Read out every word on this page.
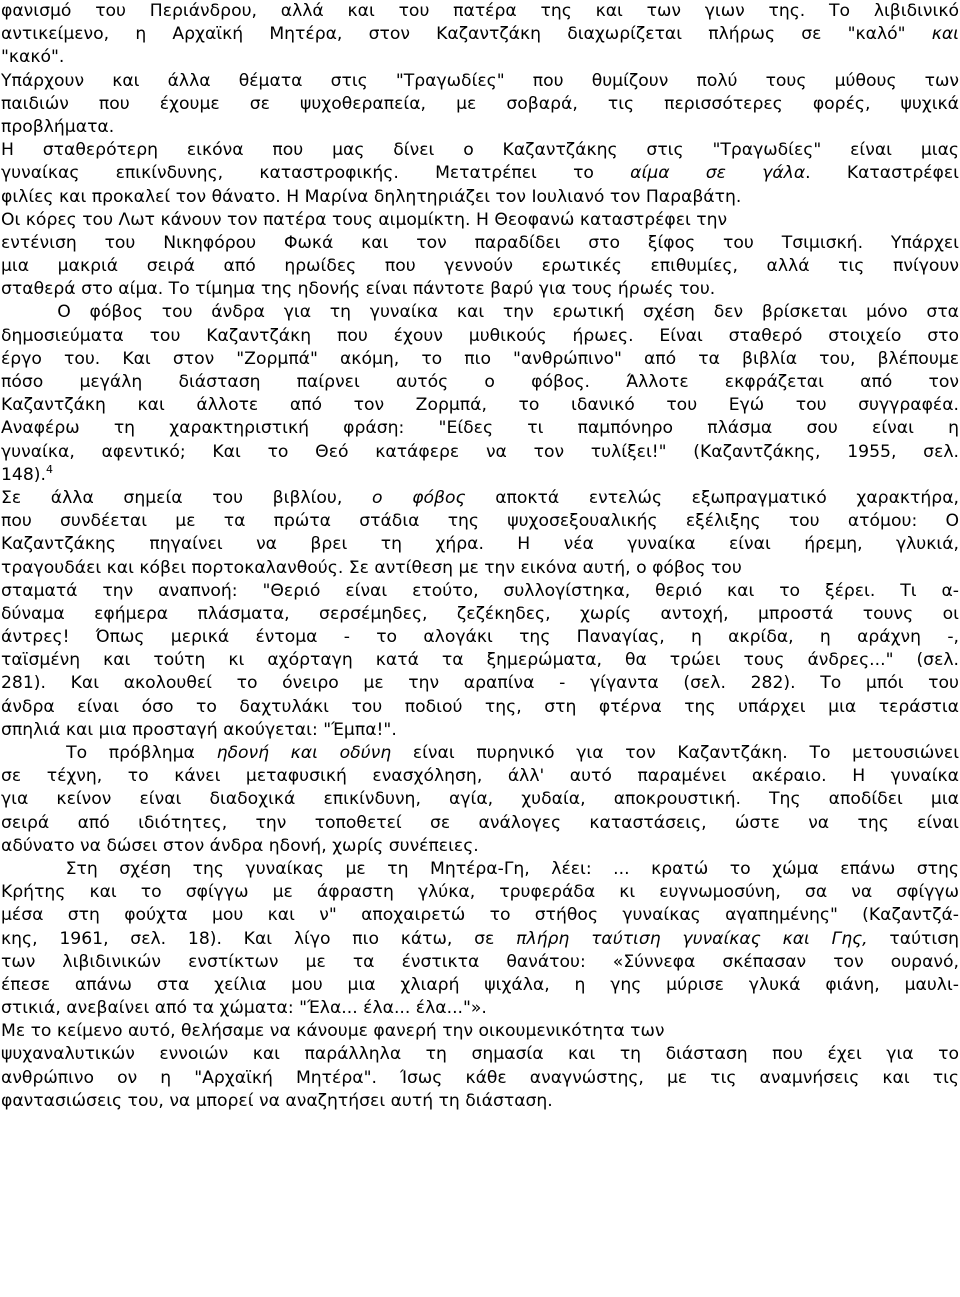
φανισμό του Περιάνδρου, αλλά και του πατέρα της και των γιων της. Το λιβιδινικό
αντικείμενο, η Αρχαϊκή Μητέρα, στον Καζαντζάκη διαχωρίζεται πλήρως σε "καλό" και
"κακό".
Υπάρχουν και άλλα θέματα στις "Τραγωδίες" που θυμίζουν πολύ τους μύθους των
παιδιών που έχουμε σε ψυχοθεραπεία, με σοβαρά, τις περισσότερες φορές, ψυχικά
προβλήματα.
Η σταθερότερη εικόνα που μας δίνει ο Καζαντζάκης στις "Τραγωδίες" είναι μιας
γυναίκας επικίνδυνης, καταστροφικής. Μετατρέπει το αίμα σε γάλα. Καταστρέφει
φιλίες και προκαλεί τον θάνατο. Η Μαρίνα δηλητηριάζει τον Ιουλιανό τον Παραβάτη.
Οι κόρες του Λωτ κάνουν τον πατέρα τους αιμομίκτη. Η Θεοφανώ καταστρέφει την
εντένιση του Νικηφόρου Φωκά και τον παραδίδει στο ξίφος του Τσιμισκή. Υπάρχει
μια μακριά σειρά από ηρωίδες που γεννούν ερωτικές επιθυμίες, αλλά τις πνίγουν
σταθερά στο αίμα. Το τίμημα της ηδονής είναι πάντοτε βαρύ για τους ήρωές του.
Ο φόβος του άνδρα για τη γυναίκα και την ερωτική σχέση δεν βρίσκεται μόνο στα
δημοσιεύματα του Καζαντζάκη που έχουν μυθικούς ήρωες. Είναι σταθερό στοιχείο στο
έργο του. Και στον "Ζορμπά" ακόμη, το πιο "ανθρώπινο" από τα βιβλία του, βλέπουμε
πόσο μεγάλη διάσταση παίρνει αυτός ο φόβος. Άλλοτε εκφράζεται από τον
Καζαντζάκη και άλλοτε από τον Ζορμπά, το ιδανικό του Εγώ του συγγραφέα.
Αναφέρω τη χαρακτηριστική φράση: "Είδες τι παμπόνηρο πλάσμα σου είναι η
γυναίκα, αφεντικό; Και το Θεό κατάφερε να τον τυλίξει!" (Καζαντζάκης, 1955, σελ.
148).$^4$
Σε άλλα σημεία του βιβλίου, ο φόβος αποκτά εντελώς εξωπραγματικό χαρακτήρα,
που συνδέεται με τα πρώτα στάδια της ψυχοσεξουαλικής εξέλιξης του ατόμου: Ο
Καζαντζάκης πηγαίνει να βρει τη χήρα. Η νέα γυναίκα είναι ήρεμη, γλυκιά,
τραγουδάει και κόβει πορτοκαλανθούς. Σε αντίθεση με την εικόνα αυτή, ο φόβος του
σταματά την αναπνοή: "Θεριό είναι ετούτο, συλλογίστηκα, θεριό και το ξέρει. Τι α-
δύναμα εφήμερα πλάσματα, σερσέμηδες, ζεζέκηδες, χωρίς αντοχή, μπροστά τουνς οι
άντρες! Όπως μερικά έντομα - το αλογάκι της Παναγίας, η ακρίδα, η αράχνη -,
ταϊσμένη και τούτη κι αχόρταγη κατά τα ξημερώματα, θα τρώει τους άνδρες..." (σελ.
281). Και ακολουθεί το όνειρο με την αραπίνα - γίγαντα (σελ. 282). Το μπόι του
άνδρα είναι όσο το δαχτυλάκι του ποδιού της, στη φτέρνα της υπάρχει μια τεράστια
σπηλιά και μια προσταγή ακούγεται: "Έμπα!".
Το πρόβλημα ηδονή και οδύνη είναι πυρηνικό για τον Καζαντζάκη. Το μετουσιώνει
σε τέχνη, το κάνει μεταφυσική ενασχόληση, άλλ' αυτό παραμένει ακέραιο. Η γυναίκα
για κείνον είναι διαδοχικά επικίνδυνη, αγία, χυδαία, αποκρουστική. Της αποδίδει μια
σειρά από ιδιότητες, την τοποθετεί σε ανάλογες καταστάσεις, ώστε να της είναι
αδύνατο να δώσει στον άνδρα ηδονή, χωρίς συνέπειες.
Στη σχέση της γυναίκας με τη Μητέρα-Γη, λέει: ... κρατώ το χώμα επάνω στης
Κρήτης και το σφίγγω με άφραστη γλύκα, τρυφεράδα κι ευγνωμοσύνη, σα να σφίγγω
μέσα στη φούχτα μου και ν" αποχαιρετώ το στήθος γυναίκας αγαπημένης" (Καζαντζά-
κης, 1961, σελ. 18). Και λίγο πιο κάτω, σε πλήρη ταύτιση γυναίκας και Γης, ταύτιση
των λιβιδινικών ενστίκτων με τα ένστικτα θανάτου: «Σύννεφα σκέπασαν τον ουρανό,
έπεσε απάνω στα χείλια μου μια χλιαρή ψιχάλα, η γης μύρισε γλυκά φιάνη, μαυλι-
στικιά, ανεβαίνει από τα χώματα: "Έλα... έλα... έλα..."».
Με το κείμενο αυτό, θελήσαμε να κάνουμε φανερή την οικουμενικότητα των
ψυχαναλυτικών εννοιών και παράλληλα τη σημασία και τη διάσταση που έχει για το
ανθρώπινο ον η "Αρχαϊκή Μητέρα". Ίσως κάθε αναγνώστης, με τις αναμνήσεις και τις
φαντασιώσεις του, να μπορεί να αναζητήσει αυτή τη διάσταση.
